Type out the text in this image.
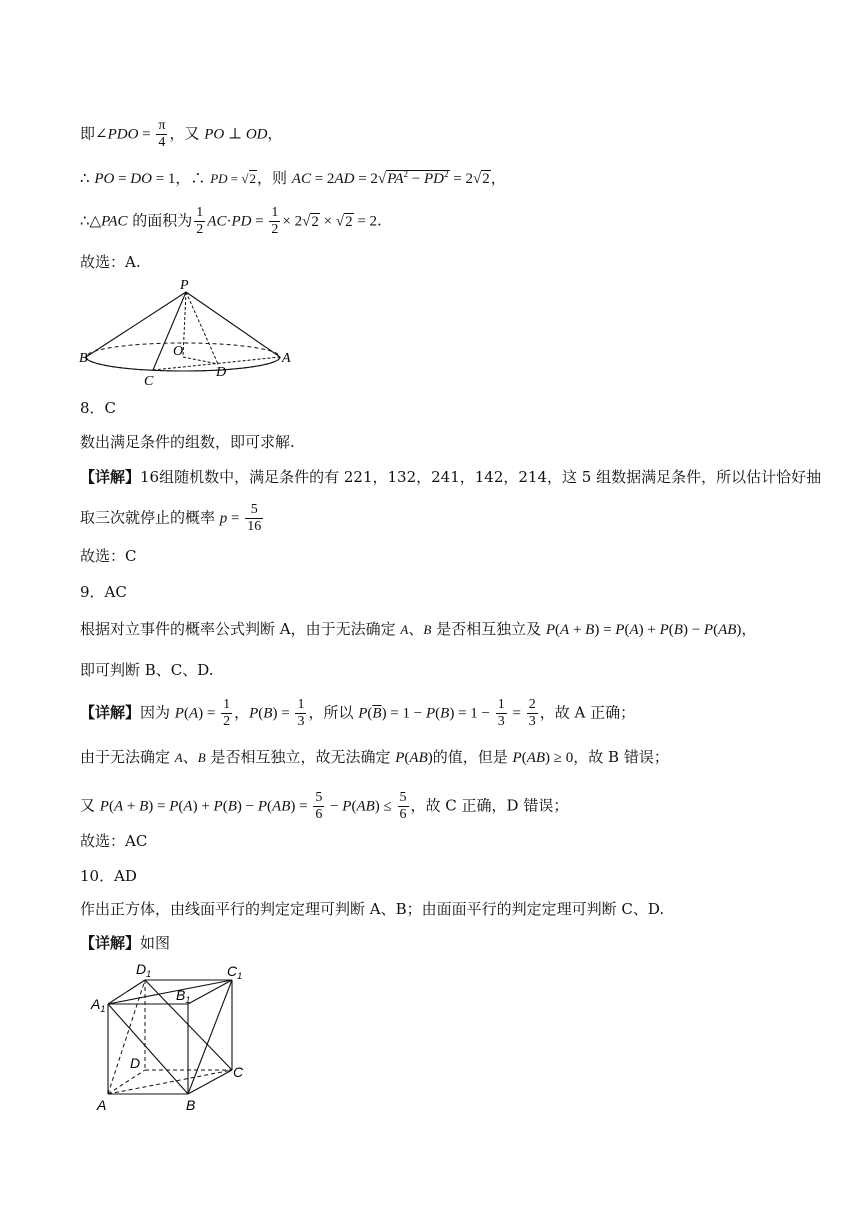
即∠PDO = $\frac{\pi}{4}$ ，又 PO ⊥ OD，
∴ PO = DO = 1，∴ PD = √2，则 AC = $2AD = 2√PA^2 - PD^2 = 2√2$，
∴△PAC 的面积为 $\frac{1}{2} AC\cdot PD = \frac{1}{2} \times 2√2 \times √2 = 2$.
故选：A.
P
B	O	A
C
D
8．C
数出满足条件的组数，即可求解.
【详解】16组随机数中，满足条件的有 221，132，241，142，214，这 5 组数据满足条件，所以估计恰好抽
取三次就停止的概率 $p = \frac{5}{16}$
故选：C
9．AC
根据对立事件的概率公式判断 A，由于无法确定 A、B 是否相互独立及 P(A + B) = P(A) + P(B) − P(AB)，
即可判断 B、C、D.
【详解】因为 $P(A) = \frac{1}{2}$ ，$P(B) = \frac{1}{3}$ ，所以 $P(\overline{B}) = 1 - P(B) = 1 - \frac{1}{3} = \frac{2}{3}$ ，故 A 正确；
由于无法确定 A、B 是否相互独立，故无法确定 P(AB)的值，但是 P(AB) ≥ 0，故 B 错误；
又 $P(A + B) = P(A) + P(B) - P(AB) = \frac{5}{6} - P(AB) \le \frac{5}{6}$ ，故 C 正确，D 错误；
故选：AC
10．AD
作出正方体，由线面平行的判定定理可判断 A、B；由面面平行的判定定理可判断 C、D.
【详解】如图
$D_1$	$C_1$
$A_1$
$B_1$
D
C
A	B
